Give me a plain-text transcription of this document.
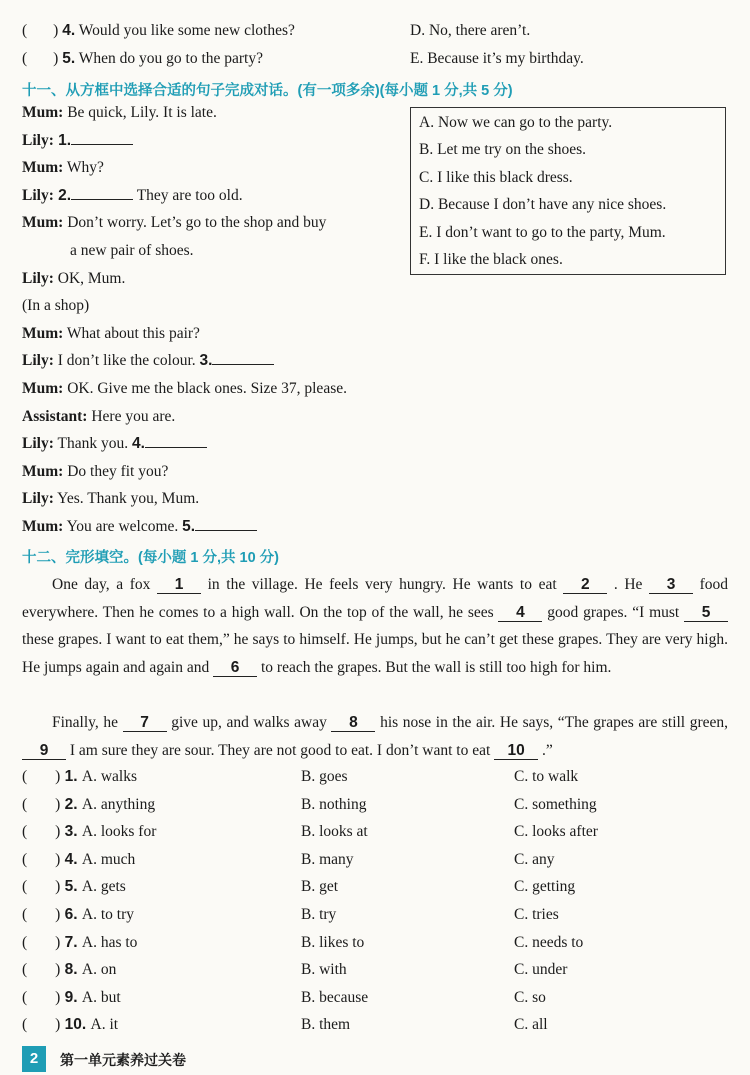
( ) 4. Would you like some new clothes?	D. No, there aren’t.
( ) 5. When do you go to the party?	E. Because it’s my birthday.
十一、从方框中选择合适的句子完成对话。(有一项多余)(每小题 1 分,共 5 分)
Mum: Be quick, Lily. It is late.
Lily: 1.
Mum: Why?
Lily: 2.	They are too old.
Mum: Don’t worry. Let’s go to the shop and buy
a new pair of shoes.
Lily: OK, Mum.
(In a shop)
Mum: What about this pair?
Lily: I don’t like the colour. 3.
Mum: OK. Give me the black ones. Size 37, please.
Assistant: Here you are.
Lily: Thank you. 4.
Mum: Do they fit you?
Lily: Yes. Thank you, Mum.
Mum: You are welcome. 5.
A. Now we can go to the party.
B. Let me try on the shoes.
C. I like this black dress.
D. Because I don’t have any nice shoes.
E. I don’t want to go to the party, Mum.
F. I like the black ones.
十二、完形填空。(每小题 1 分,共 10 分)
One day, a fox 1 in the village. He feels very hungry. He wants to eat 2 . He 3 food everywhere. Then he comes to a high wall. On the top of the wall, he sees 4 good grapes. “I must 5 these grapes. I want to eat them,” he says to himself. He jumps, but he can’t get these grapes. They are very high. He jumps again and again and 6 to reach the grapes. But the wall is still too high for him.
Finally, he 7 give up, and walks away 8 his nose in the air. He says, “The grapes are still green, 9 I am sure they are sour. They are not good to eat. I don’t want to eat 10 .”
( ) 1. A. walks	B. goes	C. to walk
( ) 2. A. anything	B. nothing	C. something
( ) 3. A. looks for	B. looks at	C. looks after
( ) 4. A. much	B. many	C. any
( ) 5. A. gets	B. get	C. getting
( ) 6. A. to try	B. try	C. tries
( ) 7. A. has to	B. likes to	C. needs to
( ) 8. A. on	B. with	C. under
( ) 9. A. but	B. because	C. so
( ) 10. A. it	B. them	C. all
2	第一单元素养过关卷
